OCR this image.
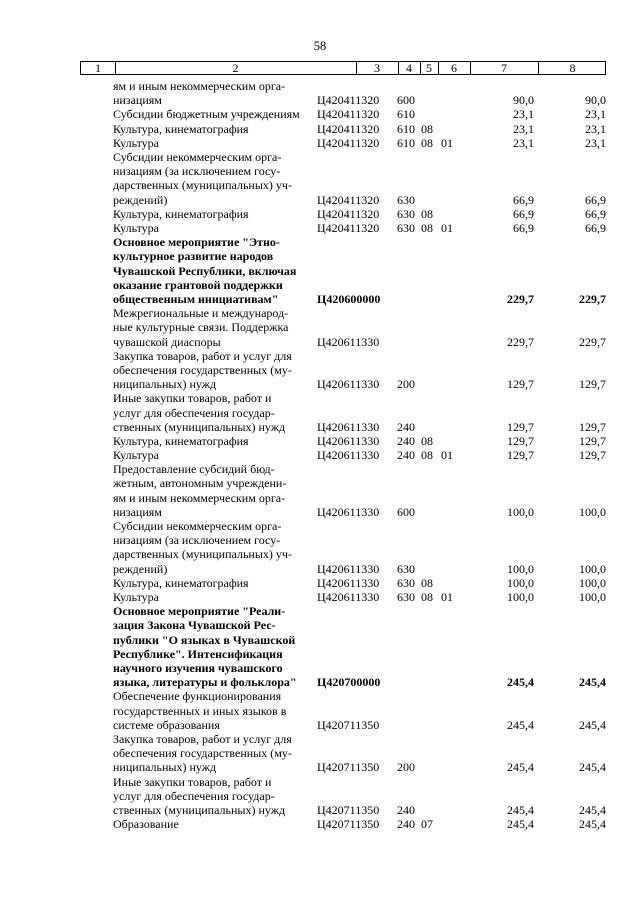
58
1	2	3	4	5	6	7	8
ям и иным некоммерческим орга-
низациям	Ц420411320 600	90,0	90,0
Субсидии бюджетным учреждениям	Ц420411320 610	23,1	23,1
Культура, кинематография	Ц420411320 610 08	23,1	23,1
Культура	Ц420411320 610 08 01	23,1	23,1
Субсидии некоммерческим орга-
низациям (за исключением госу-
дарственных (муниципальных) уч-
реждений)	Ц420411320 630	66,9	66,9
Культура, кинематография	Ц420411320 630 08	66,9	66,9
Культура	Ц420411320 630 08 01	66,9	66,9
Основное мероприятие "Этно-
культурное развитие народов
Чувашской Республики, включая
оказание грантовой поддержки
общественным инициативам"	Ц420600000	229,7	229,7
Межрегиональные и международ-
ные культурные связи. Поддержка
чувашской диаспоры	Ц420611330	229,7	229,7
Закупка товаров, работ и услуг для
обеспечения государственных (му-
ниципальных) нужд	Ц420611330 200	129,7	129,7
Иные закупки товаров, работ и
услуг для обеспечения государ-
ственных (муниципальных) нужд	Ц420611330 240	129,7	129,7
Культура, кинематография	Ц420611330 240 08	129,7	129,7
Культура	Ц420611330 240 08 01	129,7	129,7
Предоставление субсидий бюд-
жетным, автономным учреждени-
ям и иным некоммерческим орга-
низациям	Ц420611330 600	100,0	100,0
Субсидии некоммерческим орга-
низациям (за исключением госу-
дарственных (муниципальных) уч-
реждений)	Ц420611330 630	100,0	100,0
Культура, кинематография	Ц420611330 630 08	100,0	100,0
Культура	Ц420611330 630 08 01	100,0	100,0
Основное мероприятие "Реали-
зация Закона Чувашской Рес-
публики "О языках в Чувашской
Республике". Интенсификация
научного изучения чувашского
языка, литературы и фольклора"	Ц420700000	245,4	245,4
Обеспечение функционирования
государственных и иных языков в
системе образования	Ц420711350	245,4	245,4
Закупка товаров, работ и услуг для
обеспечения государственных (му-
ниципальных) нужд	Ц420711350 200	245,4	245,4
Иные закупки товаров, работ и
услуг для обеспечения государ-
ственных (муниципальных) нужд	Ц420711350 240	245,4	245,4
Образование	Ц420711350 240 07	245,4	245,4
